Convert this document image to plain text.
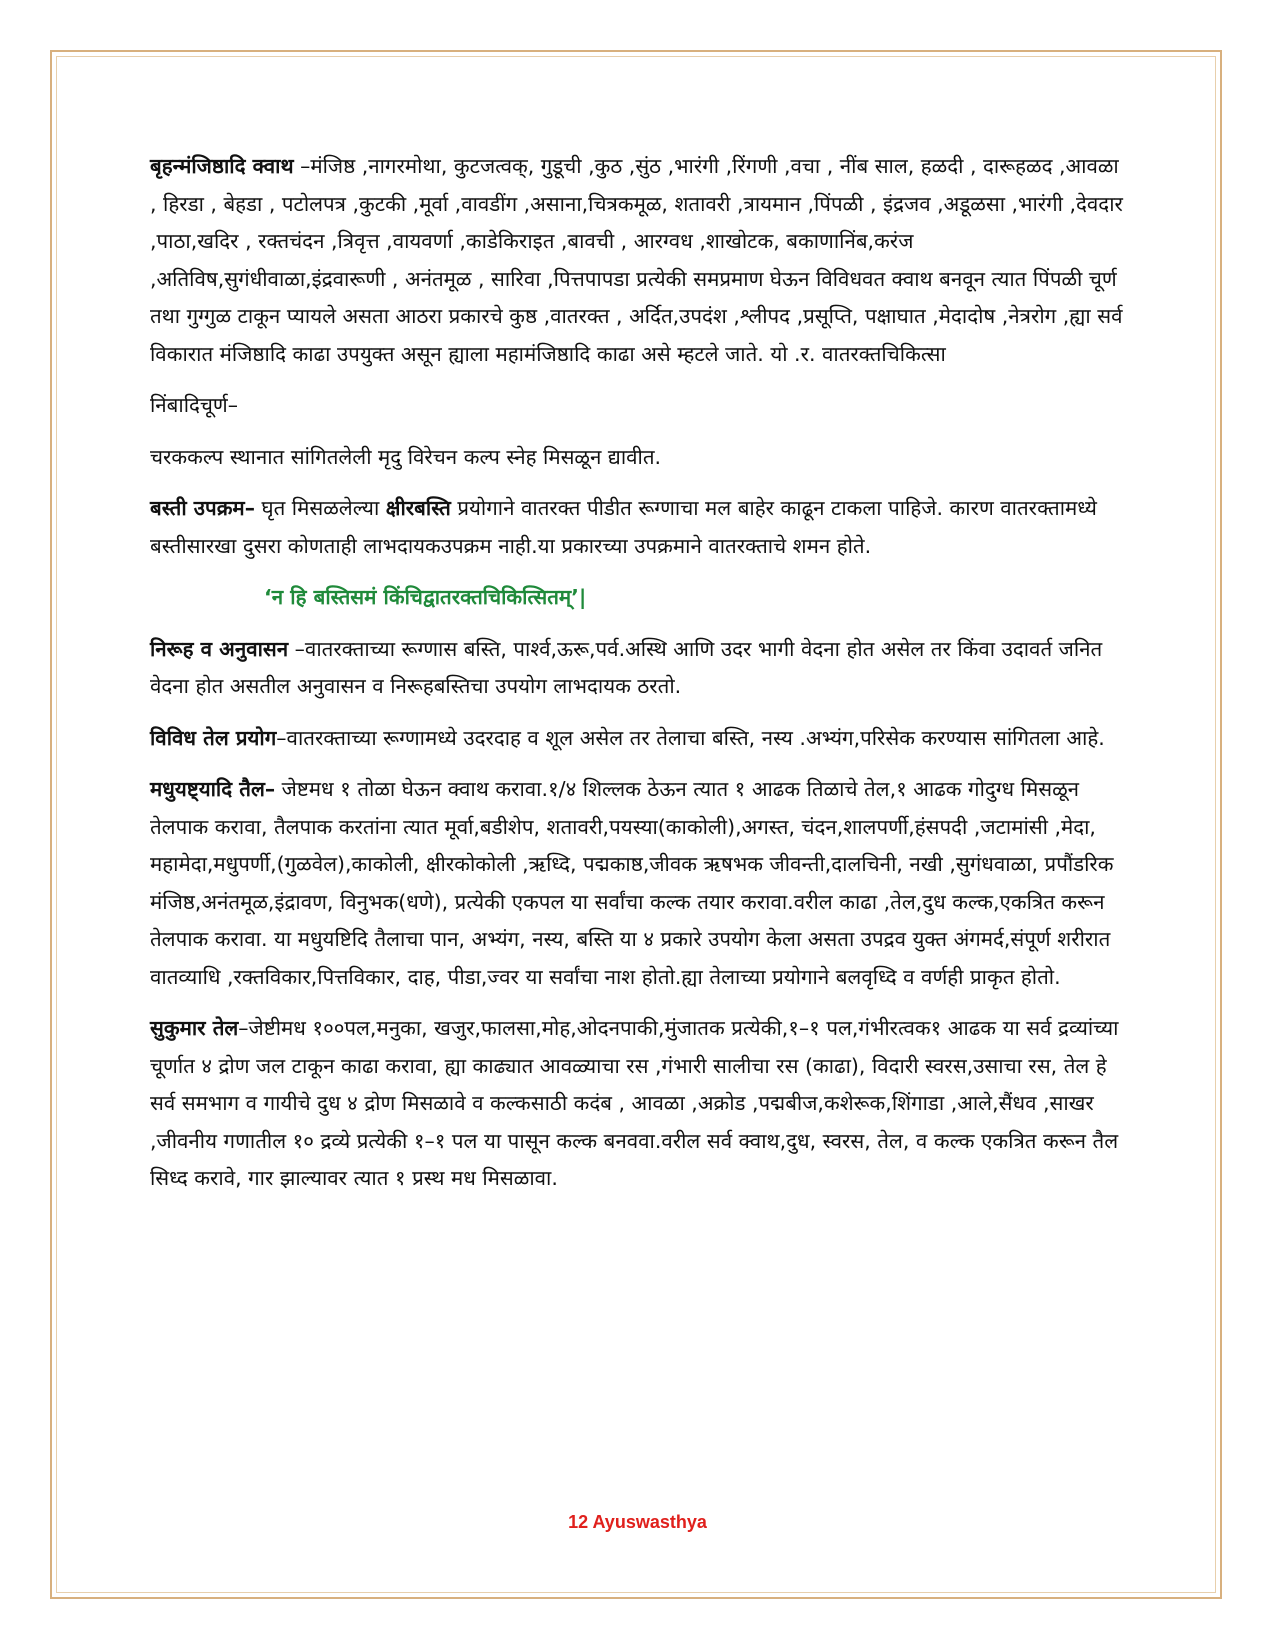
बृहन्मंजिष्ठादि क्वाथ –मंजिष्ठ ,नागरमोथा, कुटजत्वक्, गुडूची ,कुठ ,सुंठ ,भारंगी ,रिंगणी ,वचा , नींब साल, हळदी , दारूहळद ,आवळा , हिरडा , बेहडा , पटोलपत्र ,कुटकी ,मूर्वा ,वावडींग ,असाना,चित्रकमूळ, शतावरी ,त्रायमान ,पिंपळी , इंद्रजव ,अडूळसा ,भारंगी ,देवदार ,पाठा,खदिर , रक्तचंदन ,त्रिवृत्त ,वायवर्णा ,काडेकिराइत ,बावची , आरग्वध ,शाखोटक, बकाणानिंब,करंज ,अतिविष,सुगंधीवाळा,इंद्रवारूणी , अनंतमूळ , सारिवा ,पित्तपापडा प्रत्येकी समप्रमाण घेऊन विविधवत क्वाथ बनवून त्यात पिंपळी चूर्ण तथा गुग्गुळ टाकून प्यायले असता आठरा प्रकारचे कुष्ठ ,वातरक्त , अर्दित,उपदंश ,श्लीपद ,प्रसूप्ति, पक्षाघात ,मेदादोष ,नेत्ररोग ,ह्या सर्व विकारात मंजिष्ठादि काढा उपयुक्त असून ह्याला महामंजिष्ठादि काढा असे म्हटले जाते. यो .र. वातरक्तचिकित्सा

निंबादिचूर्ण–

चरककल्प स्थानात सांगितलेली मृदु विरेचन कल्प स्नेह मिसळून द्यावीत.

बस्ती उपक्रम– घृत मिसळलेल्या क्षीरबस्ति प्रयोगाने वातरक्त पीडीत रूग्णाचा मल बाहेर काढून टाकला पाहिजे. कारण वातरक्तामध्ये बस्तीसारखा दुसरा कोणताही लाभदायकउपक्रम नाही.या प्रकारच्या उपक्रमाने वातरक्ताचे शमन होते.

‘न हि बस्तिसमं किंचिद्वातरक्तचिकित्सितम्’|

निरूह व अनुवासन –वातरक्ताच्या रूग्णास बस्ति, पार्श्व,ऊरू,पर्व.अस्थि आणि उदर भागी वेदना होत असेल तर किंवा उदावर्त जनित वेदना होत असतील अनुवासन व निरूहबस्तिचा उपयोग लाभदायक ठरतो.

विविध तेल प्रयोग–वातरक्ताच्या रूग्णामध्ये उदरदाह व शूल असेल तर तेलाचा बस्ति, नस्य .अभ्यंग,परिसेक करण्यास सांगितला आहे.

मधुयष्ट्यादि तैल– जेष्टमध १ तोळा घेऊन क्वाथ करावा.१/४ शिल्लक ठेऊन त्यात १ आढक तिळाचे तेल,१ आढक गोदुग्ध मिसळून तेलपाक करावा, तैलपाक करतांना त्यात मूर्वा,बडीशेप, शतावरी,पयस्या(काकोली),अगस्त, चंदन,शालपर्णी,हंसपदी ,जटामांसी ,मेदा, महामेदा,मधुपर्णी,(गुळवेल),काकोली, क्षीरकोकोली ,ऋध्दि, पद्मकाष्ठ,जीवक ऋषभक जीवन्ती,दालचिनी, नखी ,सुगंधवाळा, प्रपौंडरिक मंजिष्ठ,अनंतमूळ,इंद्रावण, विनुभक(धणे), प्रत्येकी एकपल या सर्वांचा कल्क तयार करावा.वरील काढा ,तेल,दुध कल्क,एकत्रित करून तेलपाक करावा. या मधुयष्टिदि तैलाचा पान, अभ्यंग, नस्य, बस्ति या ४ प्रकारे उपयोग केला असता उपद्रव युक्त अंगमर्द,संपूर्ण शरीरात वातव्याधि ,रक्तविकार,पित्तविकार, दाह, पीडा,ज्वर या सर्वांचा नाश होतो.ह्या तेलाच्या प्रयोगाने बलवृध्दि व वर्णही प्राकृत होतो.

सुकुमार तेल–जेष्टीमध १००पल,मनुका, खजुर,फालसा,मोह,ओदनपाकी,मुंजातक प्रत्येकी,१–१ पल,गंभीरत्वक१ आढक या सर्व द्रव्यांच्या चूर्णात ४ द्रोण जल टाकून काढा करावा, ह्या काढ्यात आवळ्याचा रस ,गंभारी सालीचा रस (काढा), विदारी स्वरस,उसाचा रस, तेल हे सर्व समभाग व गायीचे दुध ४ द्रोण मिसळावे व कल्कसाठी कदंब , आवळा ,अक्रोड ,पद्मबीज,कशेरूक,शिंगाडा ,आले,सैंधव ,साखर ,जीवनीय गणातील १० द्रव्ये प्रत्येकी १–१ पल या पासून कल्क बनववा.वरील सर्व क्वाथ,दुध, स्वरस, तेल, व कल्क एकत्रित करून तैल सिध्द करावे, गार झाल्यावर त्यात १ प्रस्थ मध मिसळावा.

12 Ayuswasthya
